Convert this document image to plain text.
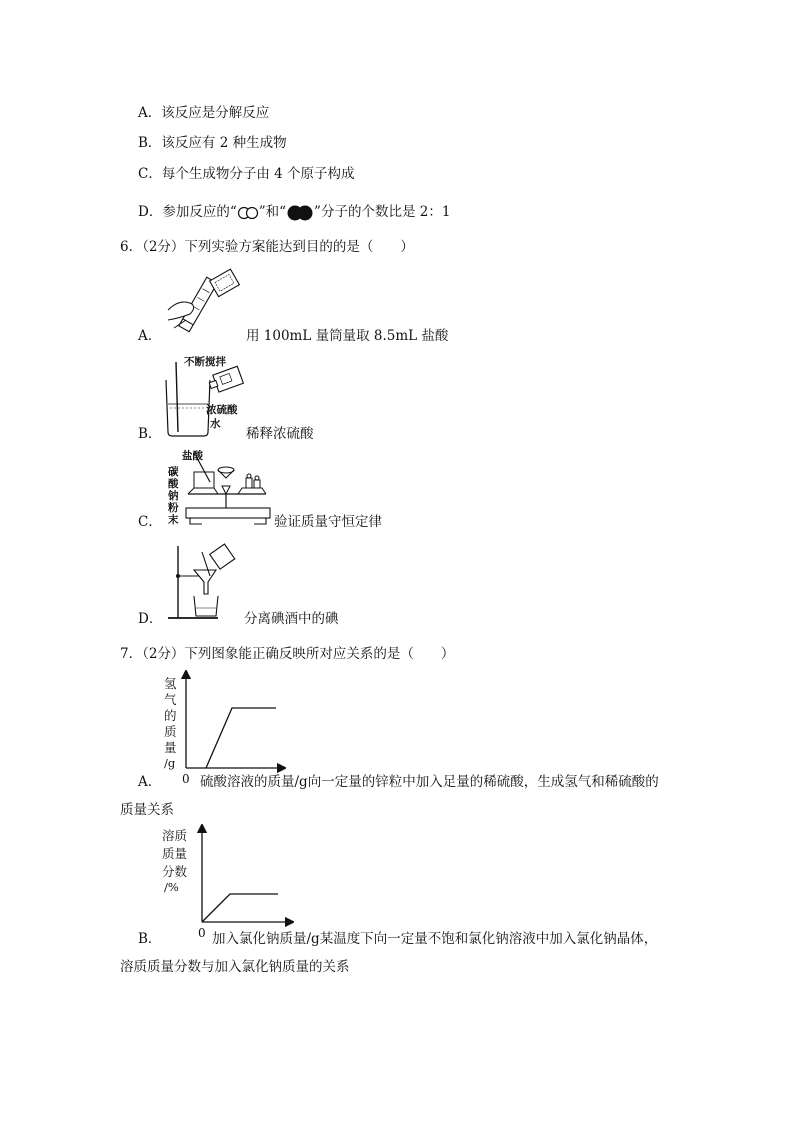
A．该反应是分解反应
B．该反应有 2 种生成物
C．每个生成物分子由 4 个原子构成
D．参加反应的“ ”和“ ”分子的个数比是 2：1
6．（2分）下列实验方案能达到目的的是（　　）
A．	用 100mL 量筒量取 8.5mL 盐酸
B．
不断搅拌
浓硫酸
水
稀释浓硫酸
C．
盐酸
碳
酸
钠
粉
末	验证质量守恒定律
D．	分离碘酒中的碘
7．（2分）下列图象能正确反映所对应关系的是（　　）
氢
气
的
质
量
/g
0
A．	硫酸溶液的质量/g向一定量的锌粒中加入足量的稀硫酸，生成氢气和稀硫酸的
质量关系
溶质
质量
分数
/%
0
B．	加入氯化钠质量/g某温度下向一定量不饱和氯化钠溶液中加入氯化钠晶体，
溶质质量分数与加入氯化钠质量的关系
